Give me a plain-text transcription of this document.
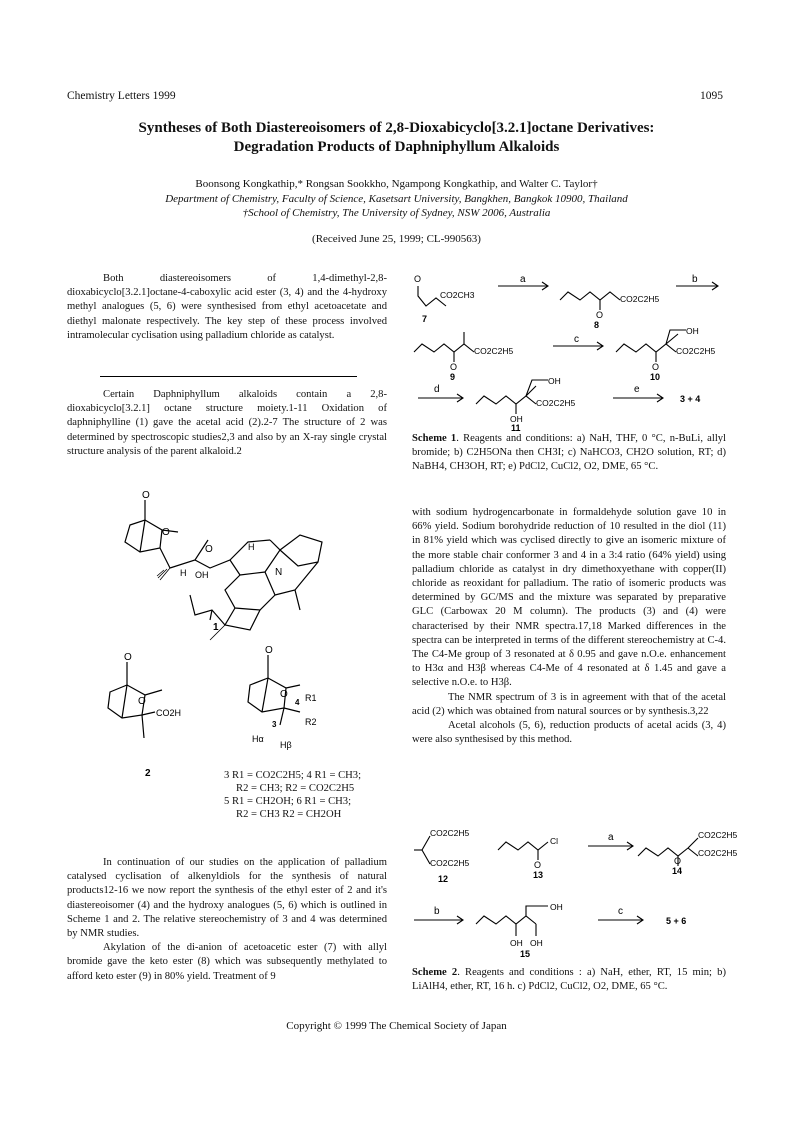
Chemistry Letters 1999	1095
Syntheses of Both Diastereoisomers of 2,8-Dioxabicyclo[3.2.1]octane Derivatives:
Degradation Products of Daphniphyllum Alkaloids
Boonsong Kongkathip,* Rongsan Sookkho, Ngampong Kongkathip, and Walter C. Taylor†
Department of Chemistry, Faculty of Science, Kasetsart University, Bangkhen, Bangkok 10900, Thailand
†School of Chemistry, The University of Sydney, NSW 2006, Australia
(Received June 25, 1999; CL-990563)

Both diastereoisomers of 1,4-dimethyl-2,8-dioxabicyclo[3.2.1]octane-4-caboxylic acid ester (3, 4) and the 4-hydroxy methyl analogues (5, 6) were synthesised from ethyl acetoacetate and diethyl malonate respectively. The key step of these process involved intramolecular cyclisation using palladium chloride as catalyst.

Certain Daphniphyllum alkaloids contain a 2,8-dioxabicyclo[3.2.1] octane structure moiety.1-11 Oxidation of daphniphylline (1) gave the acetal acid (2).2-7 The structure of 2 was determined by spectroscopic studies2,3 and also by an X-ray single crystal structure analysis of the parent alkaloid.2

O
O
O
H OH
H
N
1
O
O
CO2H
2
O
O R1
4
R2
3
Hα
Hβ
3 R1 = CO2C2H5; 4 R1 = CH3;
R2 = CH3; R2 = CO2C2H5
5 R1 = CH2OH; 6 R1 = CH3;
R2 = CH3 R2 = CH2OH

In continuation of our studies on the application of palladium catalysed cyclisation of alkenyldiols for the synthesis of natural products12-16 we now report the synthesis of the ethyl ester of 2 and it's diastereoisomer (4) and the hydroxy analogues (5, 6) which is outlined in Scheme 1 and 2. The relative stereochemistry of 3 and 4 was determined by NMR studies.

Akylation of the di-anion of acetoacetic ester (7) with allyl bromide gave the keto ester (8) which was subsequently methylated to afford keto ester (9) in 80% yield. Treatment of 9

O
CO2CH3
7
a
CO2C2H5
O
8
b
CO2C2H5
O
9
c
OH
CO2C2H5
O
10
d
OH
CO2C2H5
OH
11
e
3 + 4
Scheme 1. Reagents and conditions: a) NaH, THF, 0 °C, n-BuLi, allyl bromide; b) C2H5ONa then CH3I; c) NaHCO3, CH2O solution, RT; d) NaBH4, CH3OH, RT; e) PdCl2, CuCl2, O2, DME, 65 °C.

with sodium hydrogencarbonate in formaldehyde solution gave 10 in 66% yield. Sodium borohydride reduction of 10 resulted in the diol (11) in 81% yield which was cyclised directly to give an isomeric mixture of the more stable chair conformer 3 and 4 in a 3:4 ratio (64% yield) using palladium chloride as catalyst in dry dimethoxyethane with copper(II) chloride as reoxidant for palladium. The ratio of isomeric products was determined by GC/MS and the mixture was separated by preparative GLC (Carbowax 20 M column). The products (3) and (4) were characterised by their NMR spectra.17,18 Marked differences in the spectra can be interpreted in terms of the different stereochemistry at C-4. The C4-Me group of 3 resonated at δ 0.95 and gave n.O.e. enhancement to H3α and H3β whereas C4-Me of 4 resonated at δ 1.45 and gave a selective n.O.e. to H3β.

The NMR spectrum of 3 is in agreement with that of the acetal acid (2) which was obtained from natural sources or by synthesis.3,22

Acetal alcohols (5, 6), reduction products of acetal acids (3, 4) were also synthesised by this method.

CO2C2H5
CO2C2H5
12
Cl
O
13
a	CO2C2H5
CO2C2H5
O
14
b	OH
OH OH
15
c
5 + 6
Scheme 2. Reagents and conditions : a) NaH, ether, RT, 15 min; b) LiAlH4, ether, RT, 16 h. c) PdCl2, CuCl2, O2, DME, 65 °C.
Copyright © 1999 The Chemical Society of Japan
